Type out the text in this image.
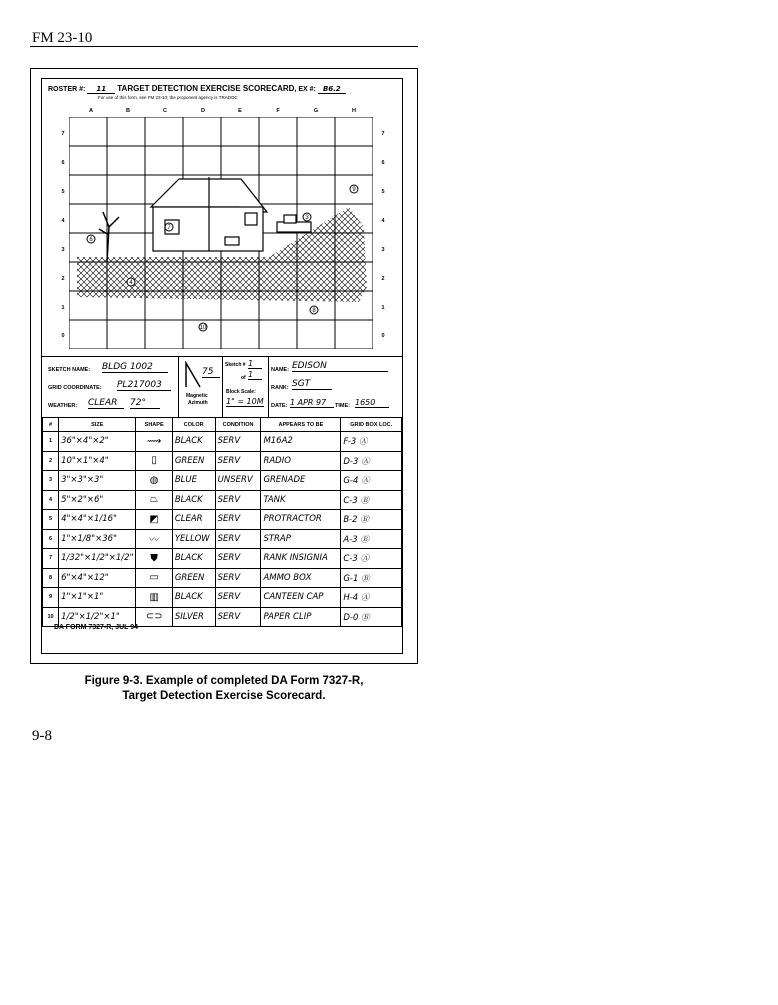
FM 23-10
ROSTER #: 11 TARGET DETECTION EXERCISE SCORECARD, EX #: B6.2
For use of this form, see FM 23-10; the proponent agency is TRADOC
A	B	C	D	E	F	G	H
7
6
5
4
3
2
1
0
7
6
5
4
3
2
1
0
7
6
4
3
9
8
10
SKETCH NAME: BLDG 1002
GRID COORDINATE: PL217003
WEATHER: CLEAR	72°
75
Magnetic
Azimuth
Sketch # 1
of 1
Block Scale:
1" = 10M
NAME: EDISON
RANK: SGT
DATE: 1 APR 97	TIME: 1650
#	SIZE	SHAPE	COLOR	CONDITION	APPEARS TO BE	GRID BOX LOC.
1	36"×4"×2"	⟿	BLACK	SERV	M16A2	F-3 Ⓐ
2	10"×1"×4"	▯	GREEN	SERV	RADIO	D-3 Ⓐ
3	3"×3"×3"	◍	BLUE	UNSERV	GRENADE	G-4 Ⓐ
4	5"×2"×6"	⏢	BLACK	SERV	TANK	C-3 Ⓑ
5	4"×4"×1/16"	◩	CLEAR	SERV	PROTRACTOR	B-2 Ⓑ
6	1"×1/8"×36"	〰	YELLOW	SERV	STRAP	A-3 Ⓑ
7	1/32"×1/2"×1/2"	⛊	BLACK	SERV	RANK INSIGNIA	C-3 Ⓐ
8	6"×4"×12"	▭	GREEN	SERV	AMMO BOX	G-1 Ⓑ
9	1"×1"×1"	▥	BLACK	SERV	CANTEEN CAP	H-4 Ⓐ
10	1/2"×1/2"×1"	⊂⊃	SILVER	SERV	PAPER CLIP	D-0 Ⓑ
DA FORM 7327-R, JUL 94
Figure 9-3. Example of completed DA Form 7327-R,
Target Detection Exercise Scorecard.
9-8
